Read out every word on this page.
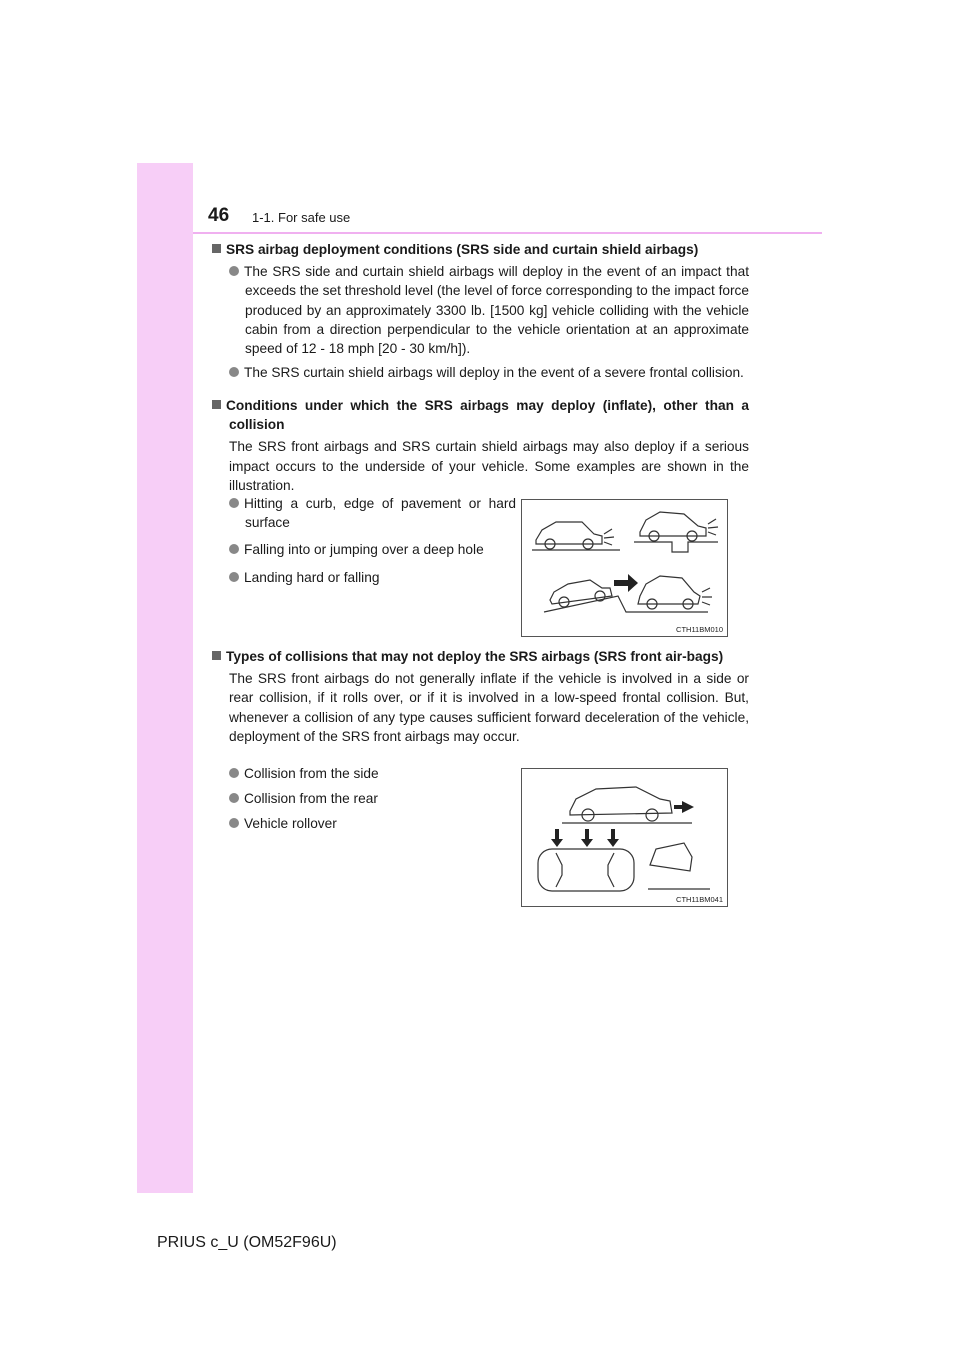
46 1-1. For safe use
SRS airbag deployment conditions (SRS side and curtain shield airbags)
The SRS side and curtain shield airbags will deploy in the event of an impact that exceeds the set threshold level (the level of force corresponding to the impact force produced by an approximately 3300 lb. [1500 kg] vehicle colliding with the vehicle cabin from a direction perpendicular to the vehicle orientation at an approximate speed of 12 - 18 mph [20 - 30 km/h]).
The SRS curtain shield airbags will deploy in the event of a severe frontal collision.
Conditions under which the SRS airbags may deploy (inflate), other than a collision
The SRS front airbags and SRS curtain shield airbags may also deploy if a serious impact occurs to the underside of your vehicle. Some examples are shown in the illustration.
Hitting a curb, edge of pavement or hard surface
Falling into or jumping over a deep hole
Landing hard or falling
CTH11BM010
Types of collisions that may not deploy the SRS airbags (SRS front air-bags)
The SRS front airbags do not generally inflate if the vehicle is involved in a side or rear collision, if it rolls over, or if it is involved in a low-speed frontal collision. But, whenever a collision of any type causes sufficient forward deceleration of the vehicle, deployment of the SRS front airbags may occur.
Collision from the side
Collision from the rear
Vehicle rollover
CTH11BM041
PRIUS c_U (OM52F96U)
